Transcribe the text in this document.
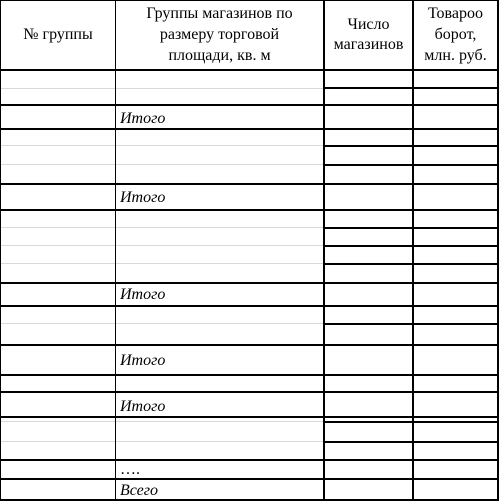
№ группы
Группы магазинов по
размеру торговой
площади, кв. м
Число
магазинов
Товароо
борот,
млн. руб.
Итого
Итого
Итого
Итого
Итого
….
Всего
